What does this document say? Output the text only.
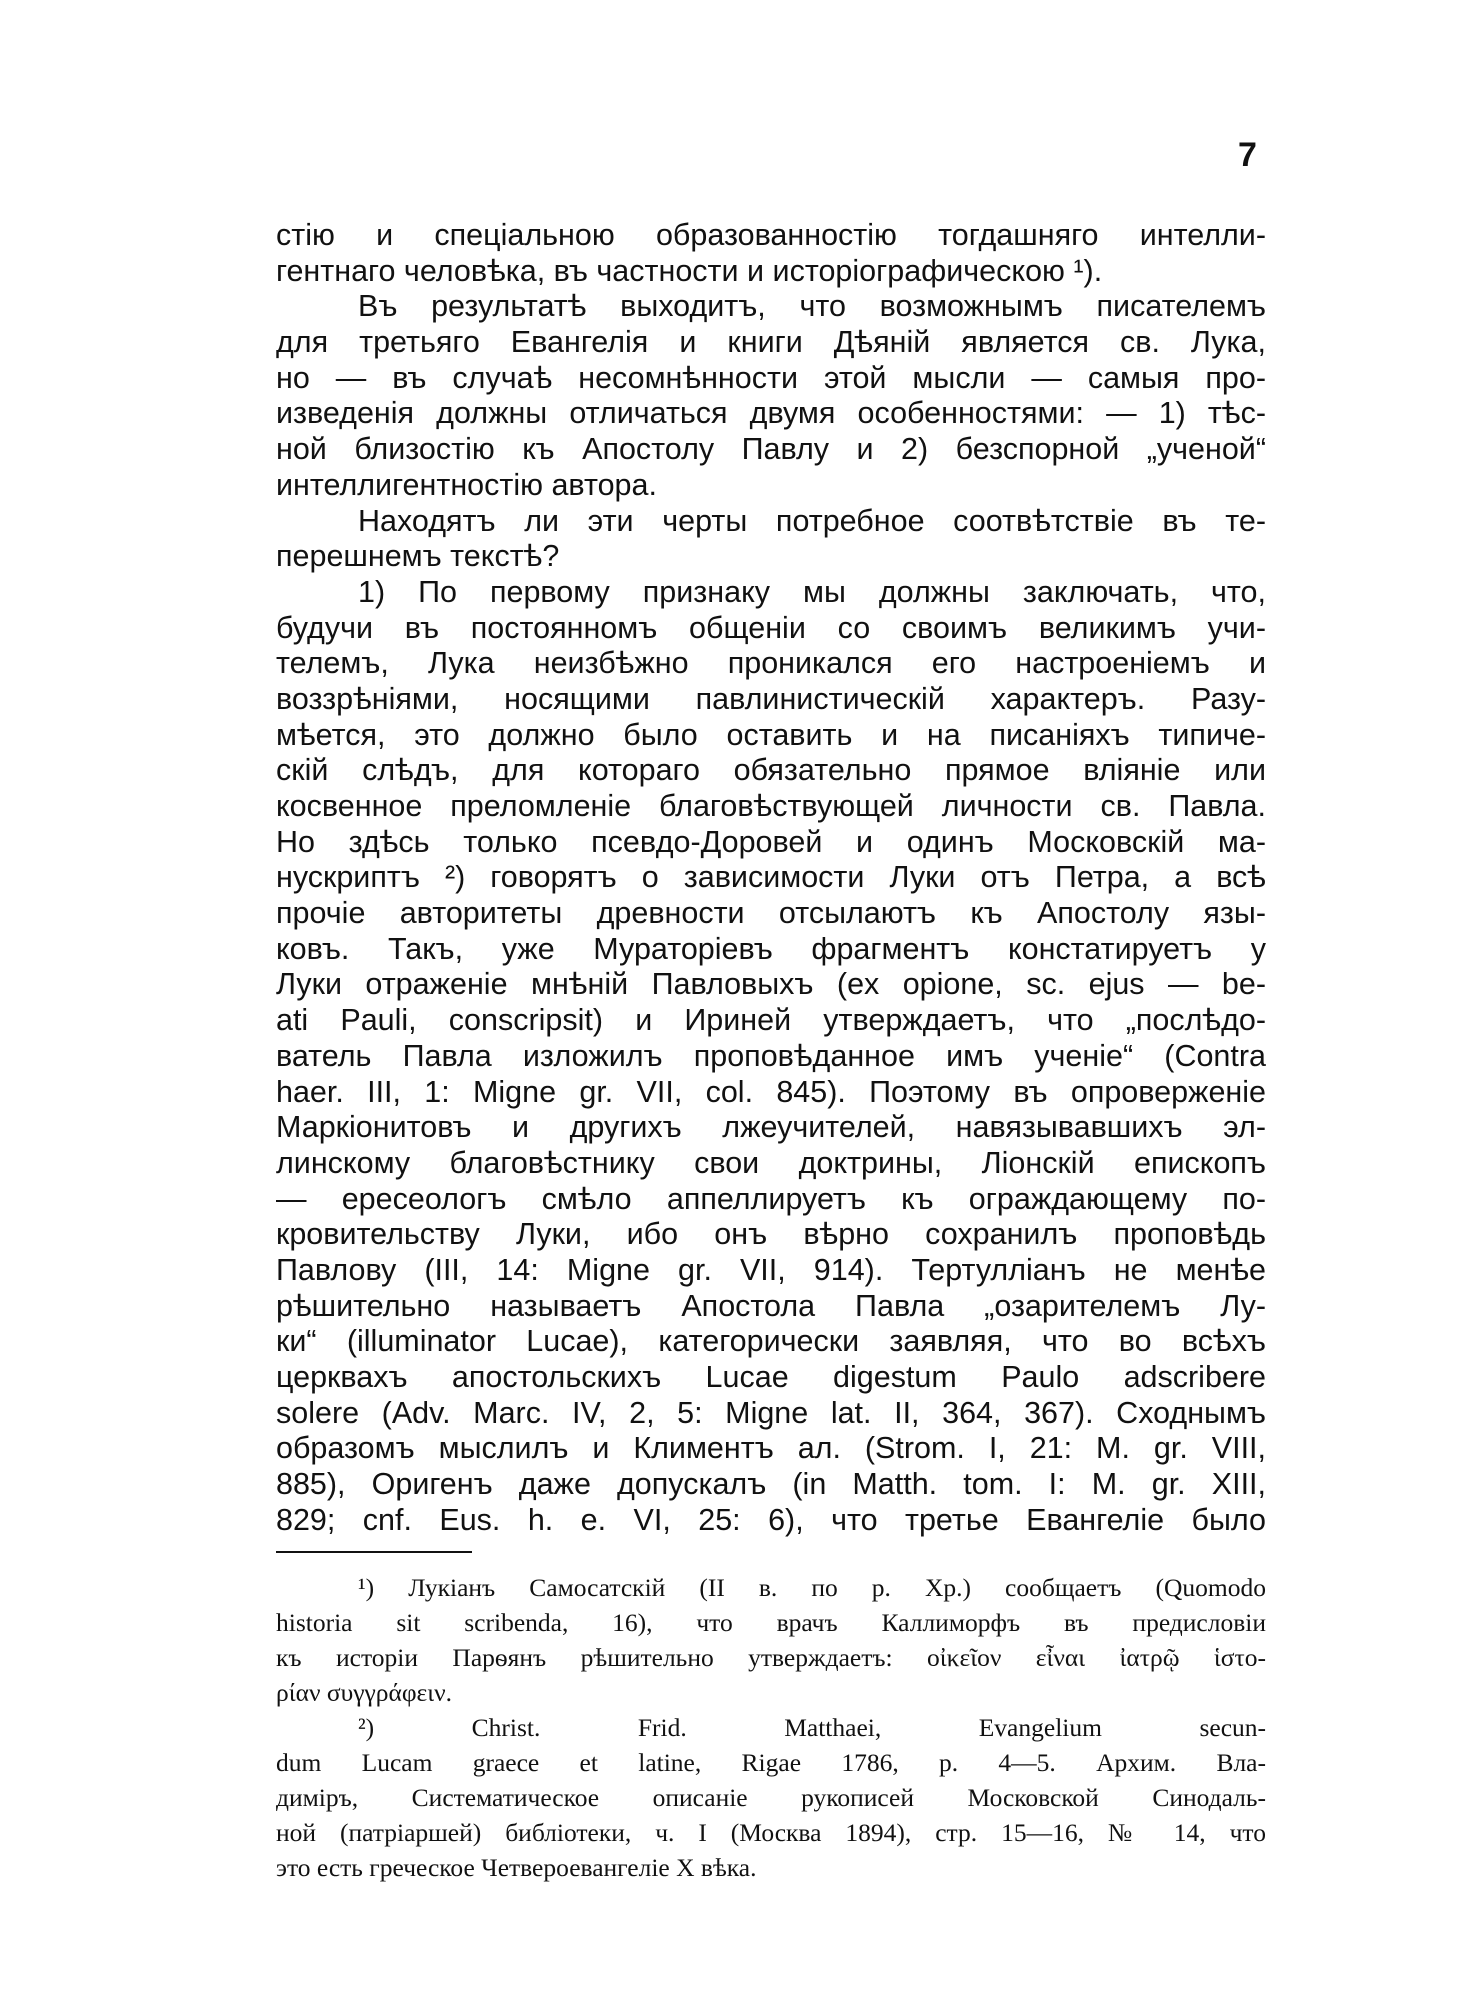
7

стію и спеціальною образованностію тогдашняго интелли-
гентнаго человѣка, въ частности и исторіографическою ¹).
Въ результатѣ выходитъ, что возможнымъ писателемъ
для третьяго Евангелія и книги Дѣяній является св. Лука,
но — въ случаѣ несомнѣнности этой мысли — самыя про-
изведенія должны отличаться двумя особенностями: — 1) тѣс-
ной близостію къ Апостолу Павлу и 2) безспорной „ученой“
интеллигентностію автора.
Находятъ ли эти черты потребное соотвѣтствіе въ те-
перешнемъ текстѣ?
1) По первому признаку мы должны заключать, что,
будучи въ постоянномъ общеніи со своимъ великимъ учи-
телемъ, Лука неизбѣжно проникался его настроеніемъ и
воззрѣніями, носящими павлинистическій характеръ. Разу-
мѣется, это должно было оставить и на писаніяхъ типиче-
скій слѣдъ, для котораго обязательно прямое вліяніе или
косвенное преломленіе благовѣствующей личности св. Павла.
Но здѣсь только псевдо-Доровей и одинъ Московскій ма-
нускриптъ ²) говорятъ о зависимости Луки отъ Петра, а всѣ
прочіе авторитеты древности отсылаютъ къ Апостолу язы-
ковъ. Такъ, уже Мураторіевъ фрагментъ констатируетъ у
Луки отраженіе мнѣній Павловыхъ (ex opione, sc. ejus — be-
ati Pauli, conscripsit) и Ириней утверждаетъ, что „послѣдо-
ватель Павла изложилъ проповѣданное имъ ученіе“ (Contra
haer. III, 1: Migne gr. VII, col. 845). Поэтому въ опроверженіе
Маркіонитовъ и другихъ лжеучителей, навязывавшихъ эл-
линскому благовѣстнику свои доктрины, Ліонскій епископъ
— ересеологъ смѣло аппеллируетъ къ ограждающему по-
кровительству Луки, ибо онъ вѣрно сохранилъ проповѣдь
Павлову (III, 14: Migne gr. VII, 914). Тертулліанъ не менѣе
рѣшительно называетъ Апостола Павла „озарителемъ Лу-
ки“ (illuminator Lucae), категорически заявляя, что во всѣхъ
церквахъ апостольскихъ Lucae digestum Paulo adscribere
solere (Adv. Marc. IV, 2, 5: Migne lat. II, 364, 367). Сходнымъ
образомъ мыслилъ и Климентъ ал. (Strom. I, 21: M. gr. VIII,
885), Оригенъ даже допускалъ (in Matth. tom. I: M. gr. XIII,
829; cnf. Eus. h. e. VI, 25: 6), что третье Евангеліе было
¹) Лукіанъ Самосатскій (II в. по р. Хр.) сообщаетъ (Quomodo
historia sit scribenda, 16), что врачъ Каллиморфъ въ предисловіи
къ исторіи Парѳянъ рѣшительно утверждаетъ: οἰκεῖον εἶναι ἰατρῷ ἱστο-
ρίαν συγγράφειν.
²) Christ. Frid. Matthaei, Evangelium secun-
dum Lucam graece et latine, Rigae 1786, p. 4—5. Архим. Вла-
диміръ, Систематическое описаніе рукописей Московской Синодаль-
ной (патріаршей) библіотеки, ч. I (Москва 1894), стр. 15—16, № 14, что
это есть греческое Четвероевангеліе X вѣка.
